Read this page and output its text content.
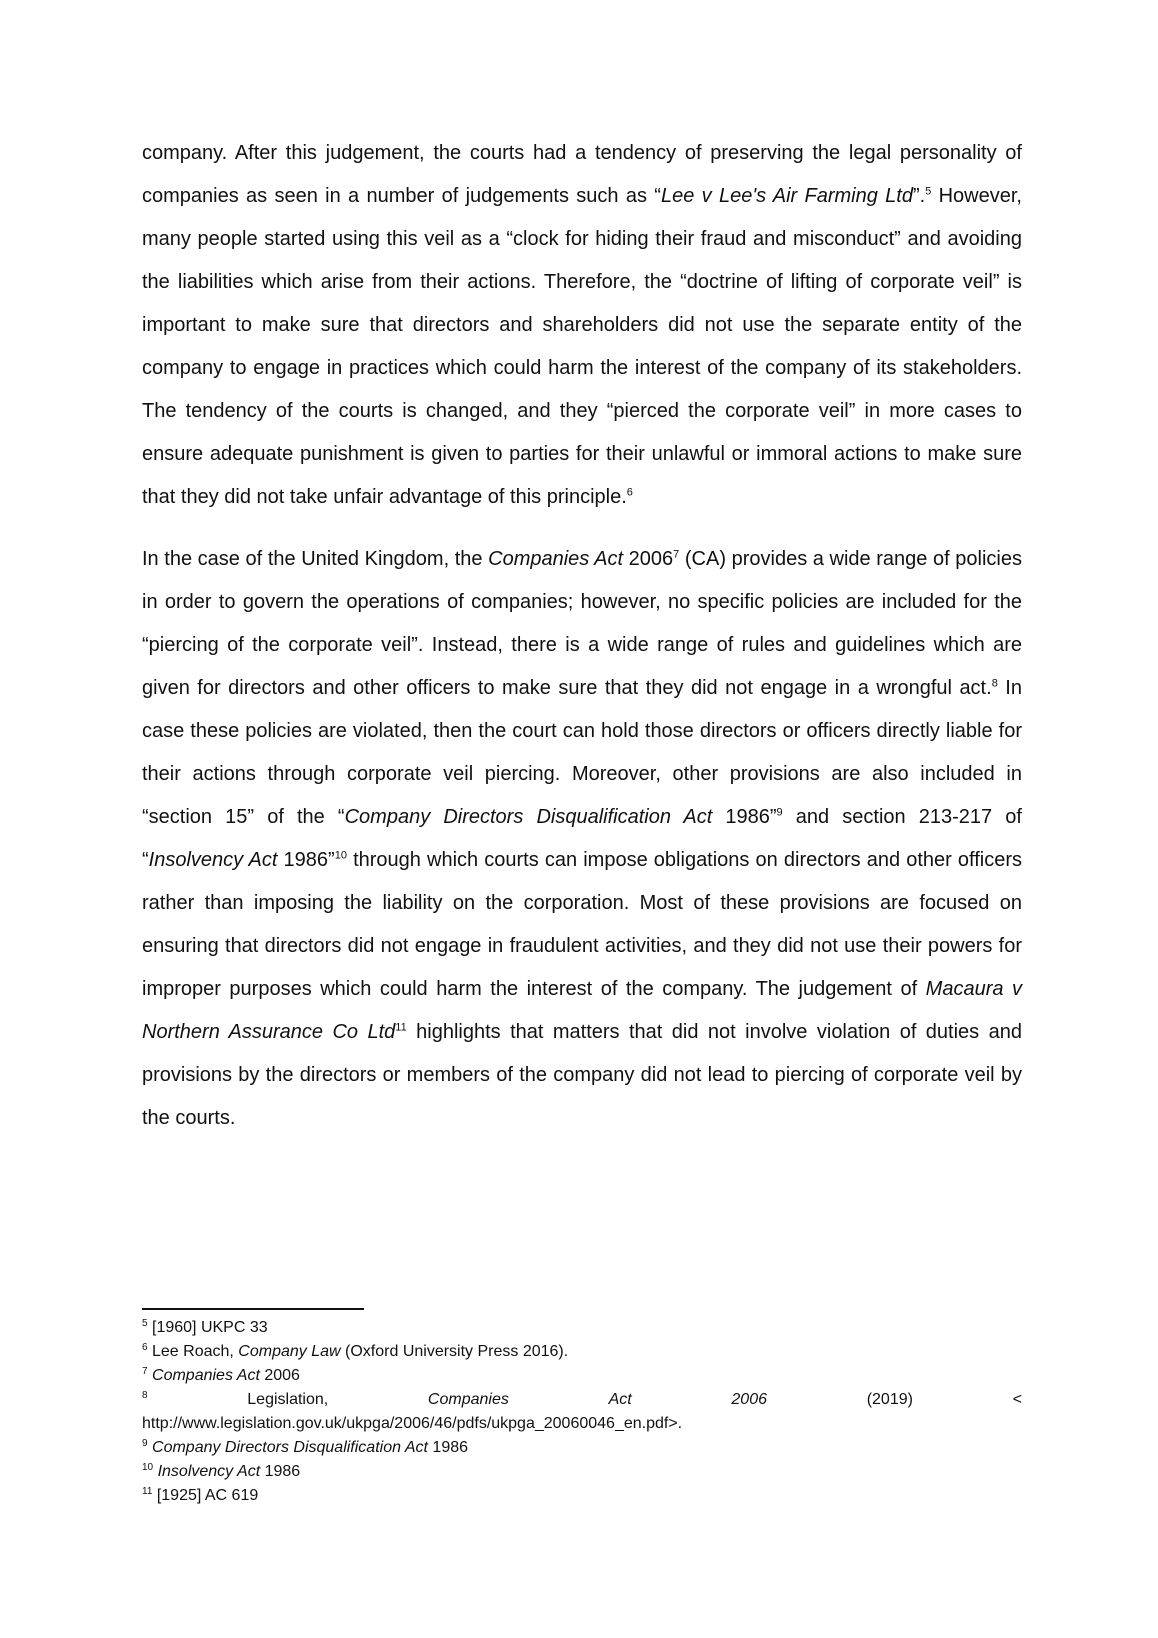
company. After this judgement, the courts had a tendency of preserving the legal personality of companies as seen in a number of judgements such as “Lee v Lee's Air Farming Ltd”.$^5$ However, many people started using this veil as a “clock for hiding their fraud and misconduct” and avoiding the liabilities which arise from their actions. Therefore, the “doctrine of lifting of corporate veil” is important to make sure that directors and shareholders did not use the separate entity of the company to engage in practices which could harm the interest of the company of its stakeholders. The tendency of the courts is changed, and they “pierced the corporate veil” in more cases to ensure adequate punishment is given to parties for their unlawful or immoral actions to make sure that they did not take unfair advantage of this principle.$^6$

In the case of the United Kingdom, the Companies Act 2006$^7$ (CA) provides a wide range of policies in order to govern the operations of companies; however, no specific policies are included for the “piercing of the corporate veil”. Instead, there is a wide range of rules and guidelines which are given for directors and other officers to make sure that they did not engage in a wrongful act.$^8$ In case these policies are violated, then the court can hold those directors or officers directly liable for their actions through corporate veil piercing. Moreover, other provisions are also included in “section 15” of the “Company Directors Disqualification Act 1986”$^9$ and section 213-217 of “Insolvency Act 1986”$^{10}$ through which courts can impose obligations on directors and other officers rather than imposing the liability on the corporation. Most of these provisions are focused on ensuring that directors did not engage in fraudulent activities, and they did not use their powers for improper purposes which could harm the interest of the company. The judgement of Macaura v Northern Assurance Co Ltd$^{11}$ highlights that matters that did not involve violation of duties and provisions by the directors or members of the company did not lead to piercing of corporate veil by the courts.

$^5$ [1960] UKPC 33

$^6$ Lee Roach, Company Law (Oxford University Press 2016).

$^7$ Companies Act 2006

$^8$	Legislation,	Companies	Act	2006	(2019)	<
http://www.legislation.gov.uk/ukpga/2006/46/pdfs/ukpga_20060046_en.pdf>.

$^9$ Company Directors Disqualification Act 1986

$^{10}$ Insolvency Act 1986

$^{11}$ [1925] AC 619
